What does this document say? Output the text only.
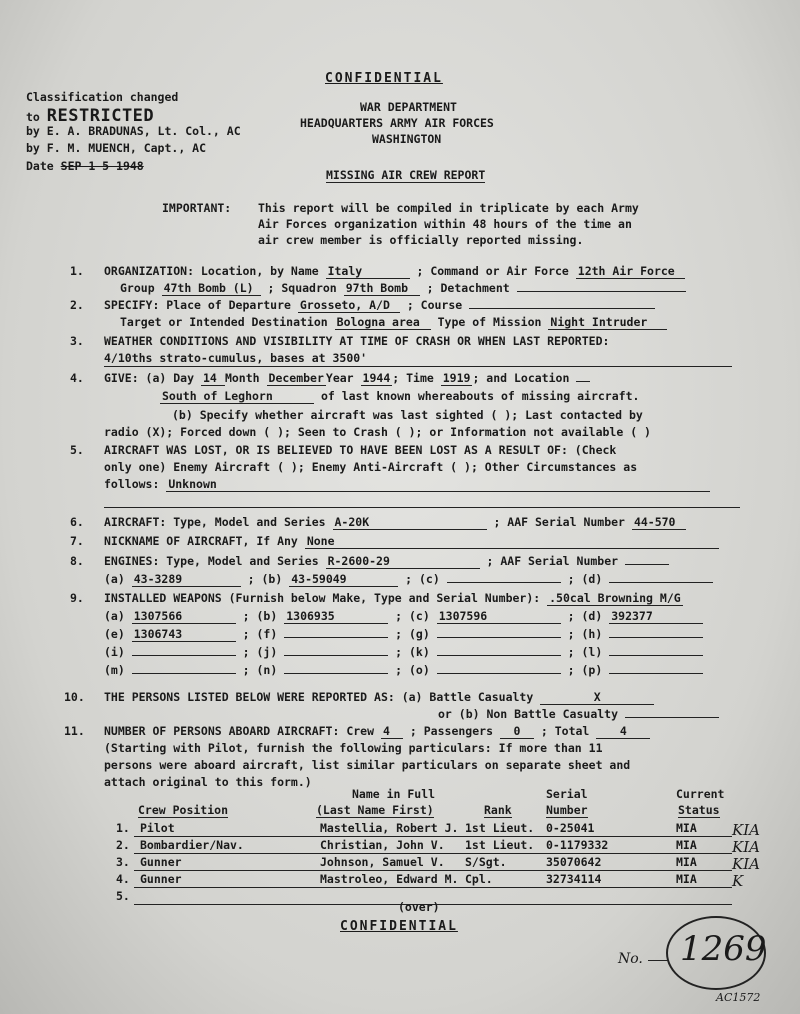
Classification changed
to RESTRICTED
by E. A. BRADUNAS, Lt. Col., AC
by F. M. MUENCH, Capt., AC
Date SEP 1 5 1948
CONFIDENTIAL
WAR DEPARTMENT
HEADQUARTERS ARMY AIR FORCES
WASHINGTON
MISSING AIR CREW REPORT
IMPORTANT: This report will be compiled in triplicate by each Army
Air Forces organization within 48 hours of the time an
air crew member is officially reported missing.
1. ORGANIZATION: Location, by Name Italy	; Command or Air Force 12th Air Force
Group 47th Bomb (L) ; Squadron 97th Bomb ; Detachment
2. SPECIFY: Place of Departure Grosseto, A/D ; Course
Target or Intended Destination Bologna area Type of Mission Night Intruder
3. WEATHER CONDITIONS AND VISIBILITY AT TIME OF CRASH OR WHEN LAST REPORTED:
4/10ths strato-cumulus, bases at 3500'
4. GIVE: (a) Day 14 Month December Year 1944 ; Time 1919 ; and Location
South of Leghorn	of last known whereabouts of missing aircraft.
(b) Specify whether aircraft was last sighted ( ); Last contacted by
radio (X); Forced down ( ); Seen to Crash ( ); or Information not available ( )
5. AIRCRAFT WAS LOST, OR IS BELIEVED TO HAVE BEEN LOST AS A RESULT OF: (Check
only one) Enemy Aircraft ( ); Enemy Anti-Aircraft ( ); Other Circumstances as
follows: Unknown
6. AIRCRAFT: Type, Model and Series A-20K	; AAF Serial Number 44-570
7. NICKNAME OF AIRCRAFT, If Any None
8. ENGINES: Type, Model and Series R-2600-29	; AAF Serial Number
(a) 43-3289	; (b) 43-59049	; (c)	; (d)
9. INSTALLED WEAPONS (Furnish below Make, Type and Serial Number): .50cal Browning M/G
(a) 1307566	; (b) 1306935	; (c) 1307596	; (d) 392377
(e) 1306743	; (f)	; (g)	; (h)
(i)	; (j)	; (k)	; (l)
(m)	; (n)	; (o)	; (p)
10. THE PERSONS LISTED BELOW WERE REPORTED AS: (a) Battle Casualty	X
or (b) Non Battle Casualty
11. NUMBER OF PERSONS ABOARD AIRCRAFT: Crew 4 ; Passengers 0 ; Total	4
(Starting with Pilot, furnish the following particulars: If more than 11
persons were aboard aircraft, list similar particulars on separate sheet and
attach original to this form.)
Name in Full	Serial	Current
Crew Position	(Last Name First)	Rank	Number	Status
1. Pilot	Mastellia, Robert J. 1st Lieut. 0-25041	MIA KIA
2. Bombardier/Nav.	Christian, John V. 1st Lieut. 0-1179332	MIA KIA
3. Gunner	Johnson, Samuel V. S/Sgt.	35070642	MIA KIA
4. Gunner	Mastroleo, Edward M. Cpl.	32734114	MIA K
5.
(over)
CONFIDENTIAL
No. 1269
AC1572
